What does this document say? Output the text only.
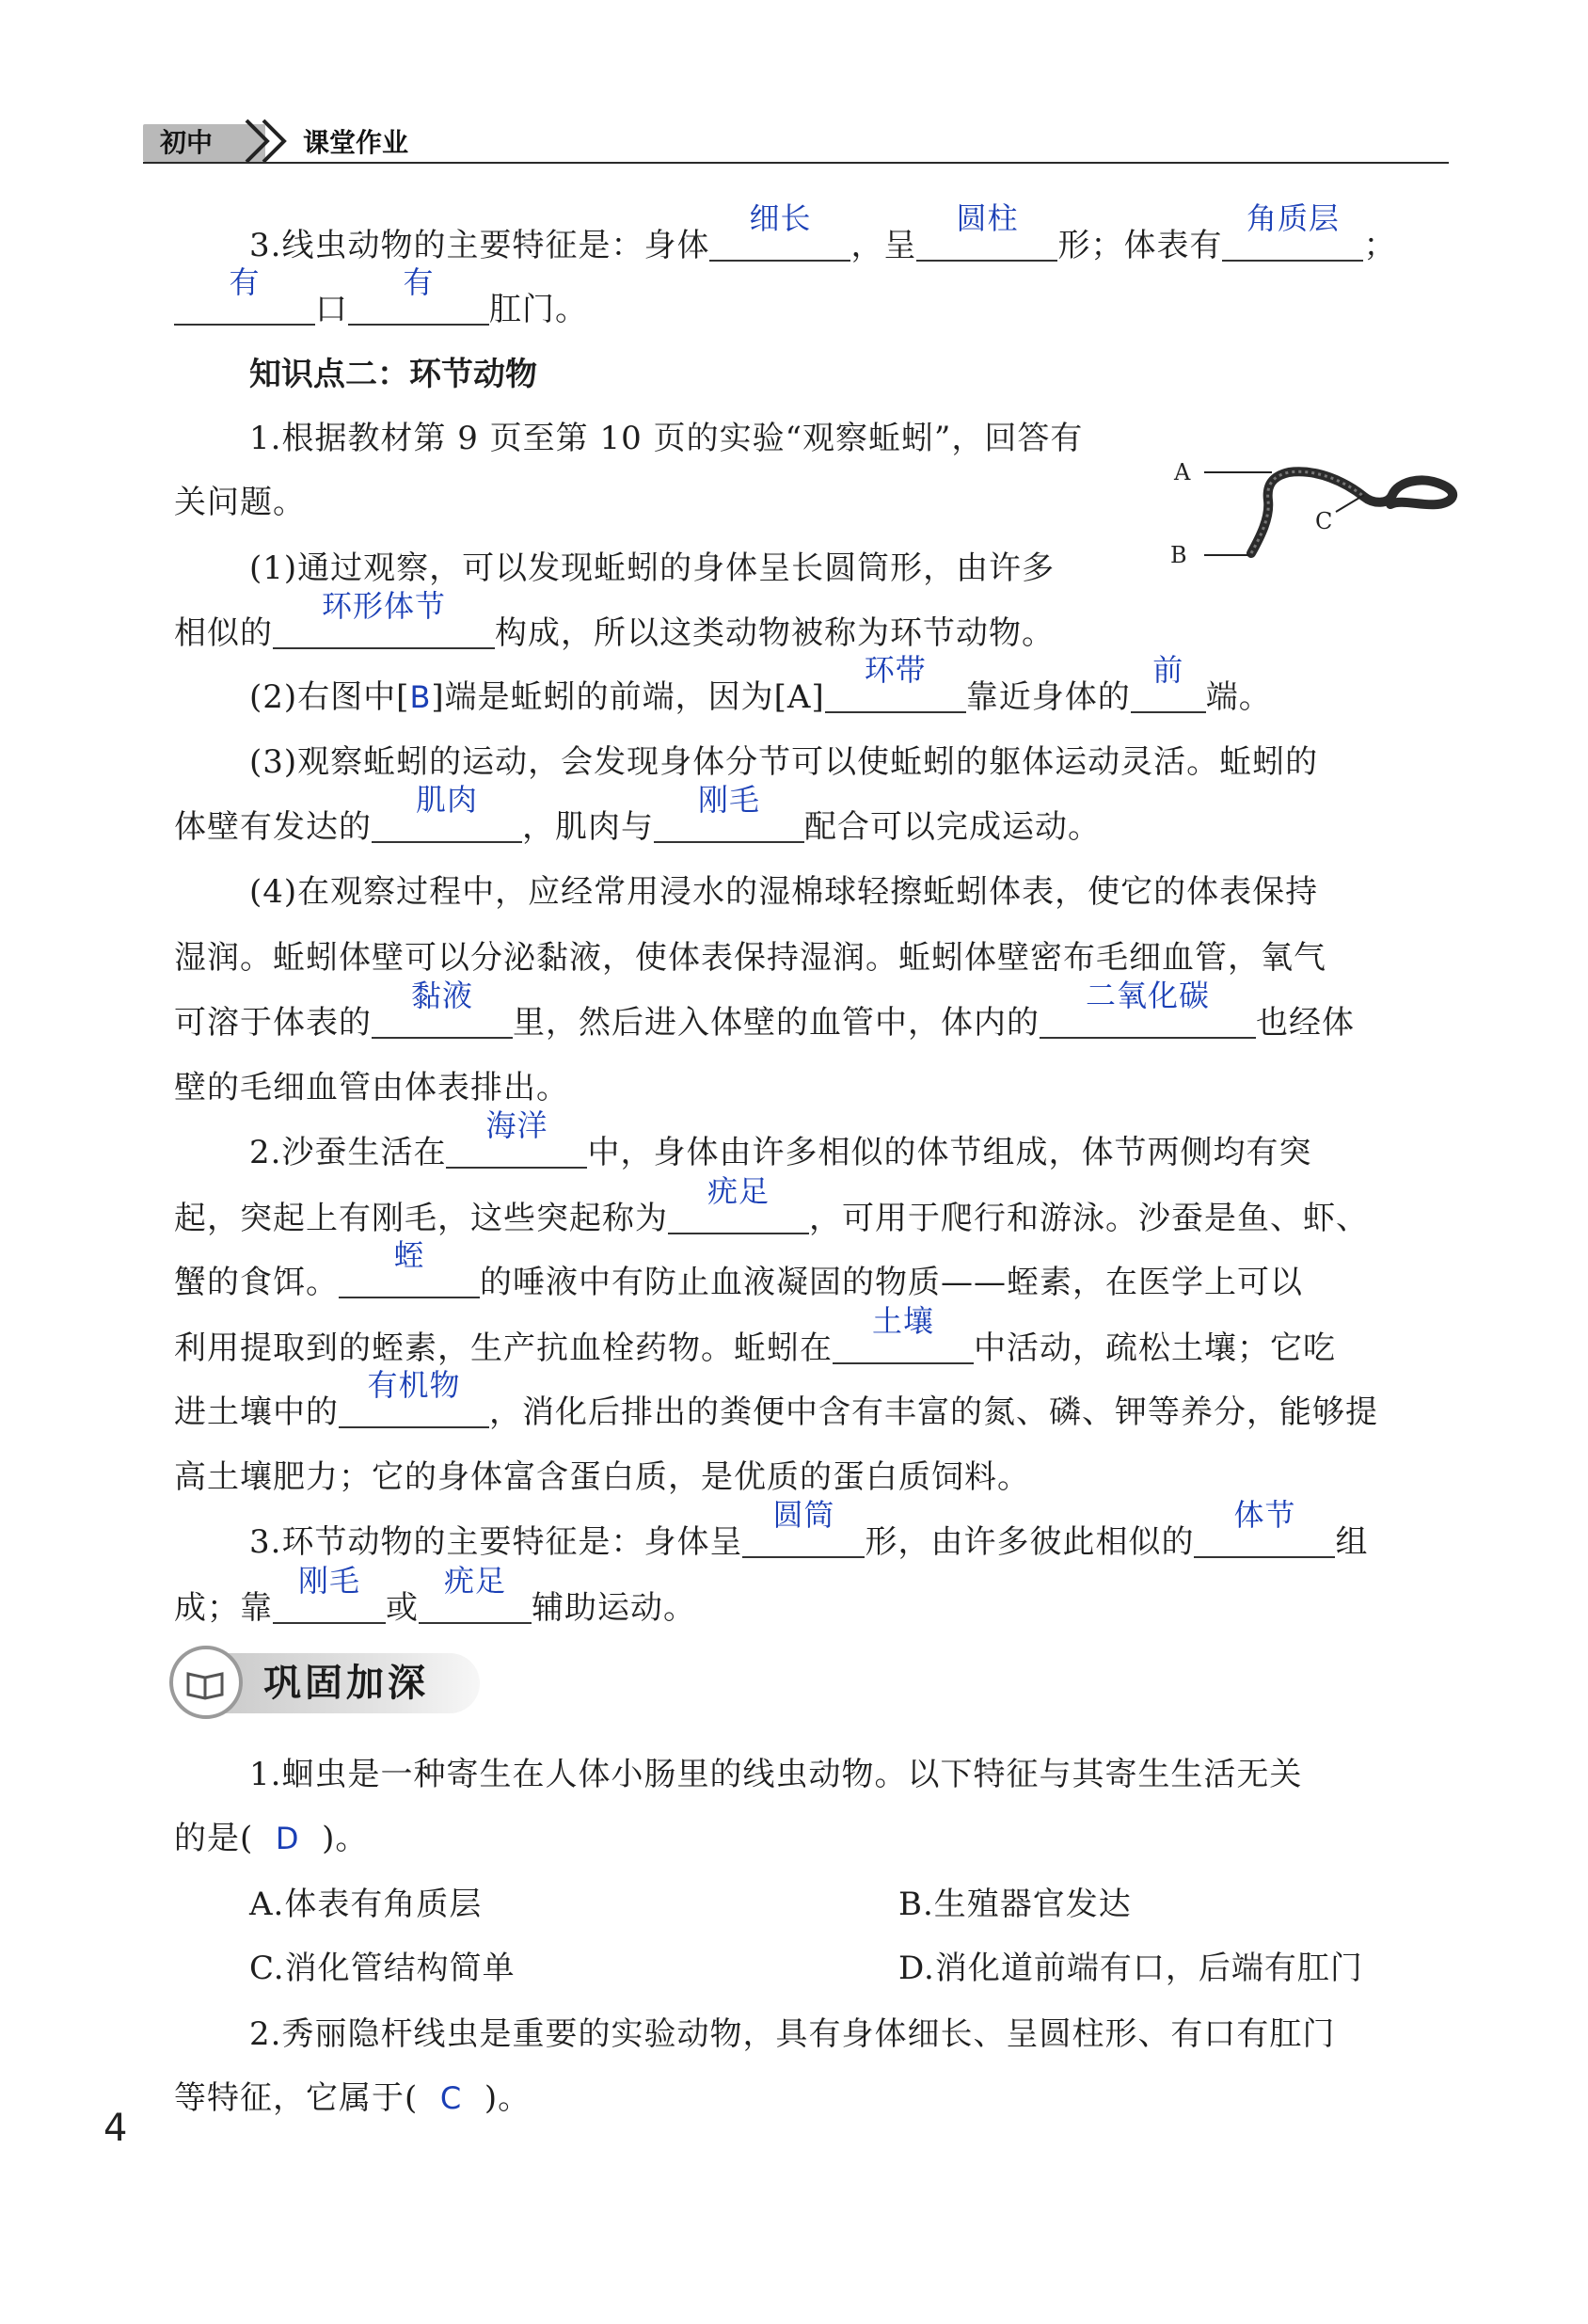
初中	课堂作业
3.线虫动物的主要特征是：身体
细长
，呈
圆柱
形；体表有
角质层
；
有
口
有
肛门。
知识点二：环节动物
1.根据教材第 9 页至第 10 页的实验“观察蚯蚓”，回答有
关问题。
A
B
C
(1)通过观察，可以发现蚯蚓的身体呈长圆筒形，由许多
相似的
环形体节
构成，所以这类动物被称为环节动物。
(2)右图中[B]端是蚯蚓的前端，因为[A]
环带
靠近身体的
前
端。
(3)观察蚯蚓的运动，会发现身体分节可以使蚯蚓的躯体运动灵活。蚯蚓的
体壁有发达的
肌肉
，肌肉与
刚毛
配合可以完成运动。
(4)在观察过程中，应经常用浸水的湿棉球轻擦蚯蚓体表，使它的体表保持
湿润。蚯蚓体壁可以分泌黏液，使体表保持湿润。蚯蚓体壁密布毛细血管，氧气
可溶于体表的
黏液
里，然后进入体壁的血管中，体内的
二氧化碳
也经体
壁的毛细血管由体表排出。
2.沙蚕生活在
海洋
中，身体由许多相似的体节组成，体节两侧均有突
起，突起上有刚毛，这些突起称为
疣足
，可用于爬行和游泳。沙蚕是鱼、虾、
蟹的食饵。
蛭
的唾液中有防止血液凝固的物质——蛭素，在医学上可以
利用提取到的蛭素，生产抗血栓药物。蚯蚓在
土壤
中活动，疏松土壤；它吃
进土壤中的
有机物
，消化后排出的粪便中含有丰富的氮、磷、钾等养分，能够提
高土壤肥力；它的身体富含蛋白质，是优质的蛋白质饲料。
3.环节动物的主要特征是：身体呈
圆筒
形，由许多彼此相似的
体节
组
成；靠
刚毛
或
疣足
辅助运动。
巩固加深
1.蛔虫是一种寄生在人体小肠里的线虫动物。以下特征与其寄生生活无关
的是( D )。
A.体表有角质层	B.生殖器官发达
C.消化管结构简单	D.消化道前端有口，后端有肛门
2.秀丽隐杆线虫是重要的实验动物，具有身体细长、呈圆柱形、有口有肛门
等特征，它属于( C )。
4
